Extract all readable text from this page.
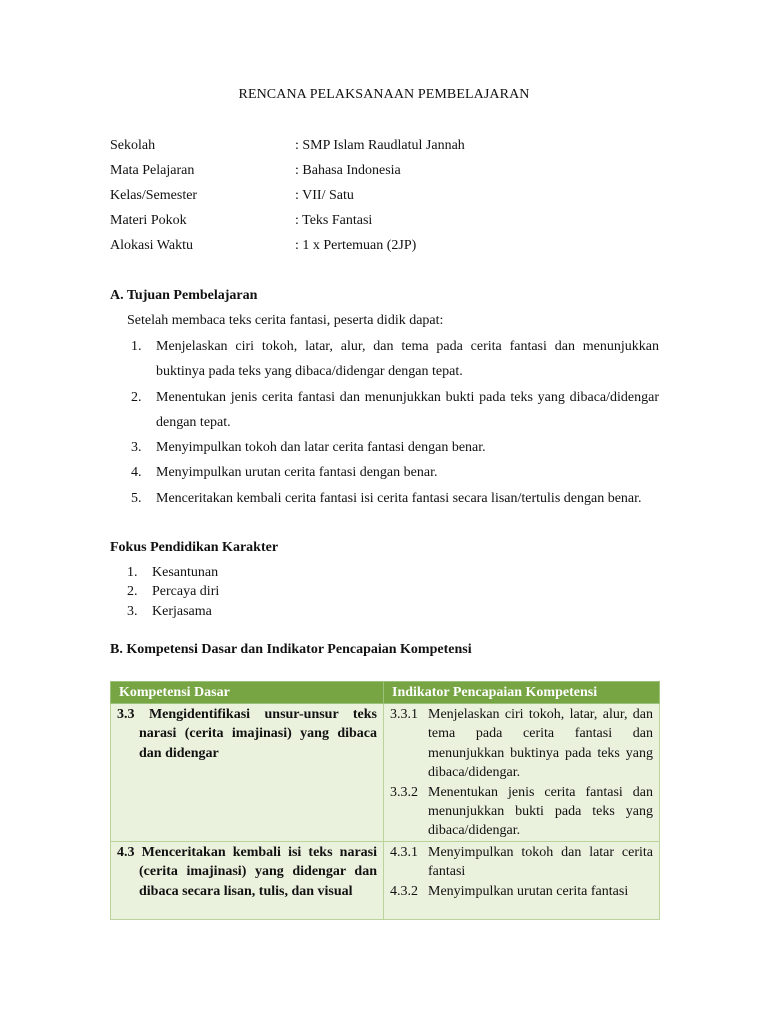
RENCANA PELAKSANAAN PEMBELAJARAN
Sekolah	: SMP Islam Raudlatul Jannah
Mata Pelajaran	: Bahasa Indonesia
Kelas/Semester	: VII/ Satu
Materi Pokok	: Teks Fantasi
Alokasi Waktu	: 1 x Pertemuan (2JP)
A. Tujuan Pembelajaran
Setelah membaca teks cerita fantasi, peserta didik dapat:
1. Menjelaskan ciri tokoh, latar, alur, dan tema pada cerita fantasi dan menunjukkan buktinya pada teks yang dibaca/didengar dengan tepat.
2. Menentukan jenis cerita fantasi dan menunjukkan bukti pada teks yang dibaca/didengar dengan tepat.
3. Menyimpulkan tokoh dan latar cerita fantasi dengan benar.
4. Menyimpulkan urutan cerita fantasi dengan benar.
5. Menceritakan kembali cerita fantasi isi cerita fantasi secara lisan/tertulis dengan benar.
Fokus Pendidikan Karakter
1. Kesantunan
2. Percaya diri
3. Kerjasama
B. Kompetensi Dasar dan Indikator Pencapaian Kompetensi
Kompetensi Dasar	Indikator Pencapaian Kompetensi

3.3 Mengidentifikasi unsur-unsur teks narasi (cerita imajinasi) yang dibaca dan didengar	3.3.1 Menjelaskan ciri tokoh, latar, alur, dan tema pada cerita fantasi dan menunjukkan buktinya pada teks yang dibaca/didengar.
3.3.2 Menentukan jenis cerita fantasi dan menunjukkan bukti pada teks yang dibaca/didengar.

4.3 Menceritakan kembali isi teks narasi (cerita imajinasi) yang didengar dan dibaca secara lisan, tulis, dan visual	4.3.1 Menyimpulkan tokoh dan latar cerita fantasi
4.3.2 Menyimpulkan urutan cerita fantasi
